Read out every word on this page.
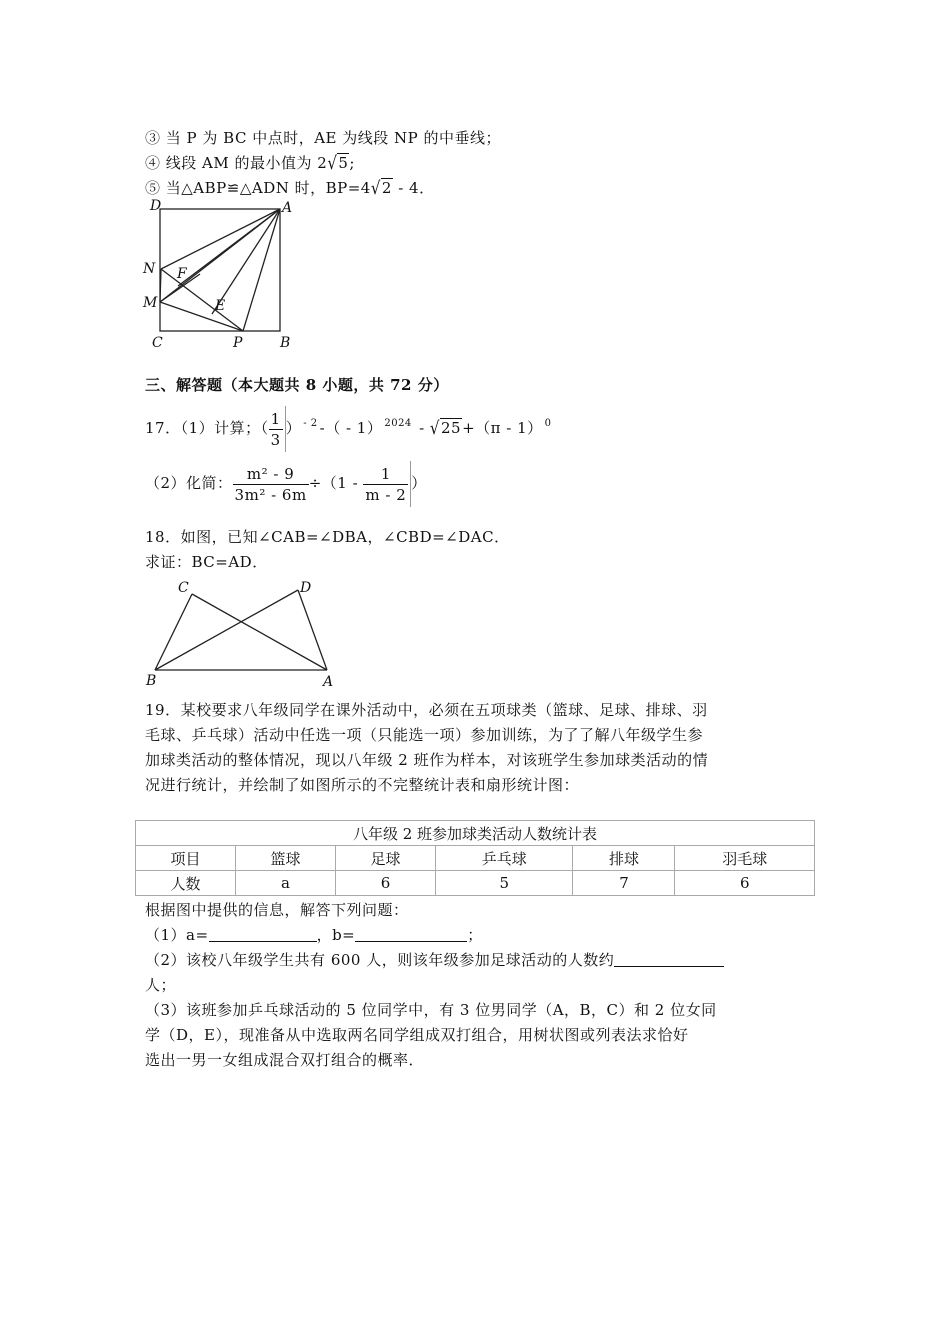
③ 当 P 为 BC 中点时，AE 为线段 NP 的中垂线；
④ 线段 AM 的最小值为 2√5;
⑤ 当△ABP≌△ADN 时，BP=4√2 - 4．
D	A
N F
M	E
C	P	B
三、解答题（本大题共 8 小题，共 72 分）
17．（1）计算；（ $\frac{1}{3}$ ） $^{- 2}$ -（ - 1） $^{2024}$ - √25+（π - 1） $^0$
（2）化简： $\frac{\text{m² - 9}}{\text{3m² - 6m}} \div(1 - \frac{1}{m - 2}$ ）
18．如图，已知∠CAB=∠DBA，∠CBD=∠DAC．
求证：BC=AD．
C	D
B	A
19．某校要求八年级同学在课外活动中，必须在五项球类（篮球、足球、排球、羽
毛球、乒乓球）活动中任选一项（只能选一项）参加训练，为了了解八年级学生参
加球类活动的整体情况，现以八年级 2 班作为样本，对该班学生参加球类活动的情
况进行统计，并绘制了如图所示的不完整统计表和扇形统计图：
八年级 2 班参加球类活动人数统计表					
项目	篮球	足球	乒乓球	排球	羽毛球
人数	a	6	5	7	6
根据图中提供的信息，解答下列问题：
（1）a=	，b=	；
（2）该校八年级学生共有 600 人，则该年级参加足球活动的人数约
人；
（3）该班参加乒乓球活动的 5 位同学中，有 3 位男同学（A，B，C）和 2 位女同
学（D，E），现准备从中选取两名同学组成双打组合，用树状图或列表法求恰好
选出一男一女组成混合双打组合的概率．
